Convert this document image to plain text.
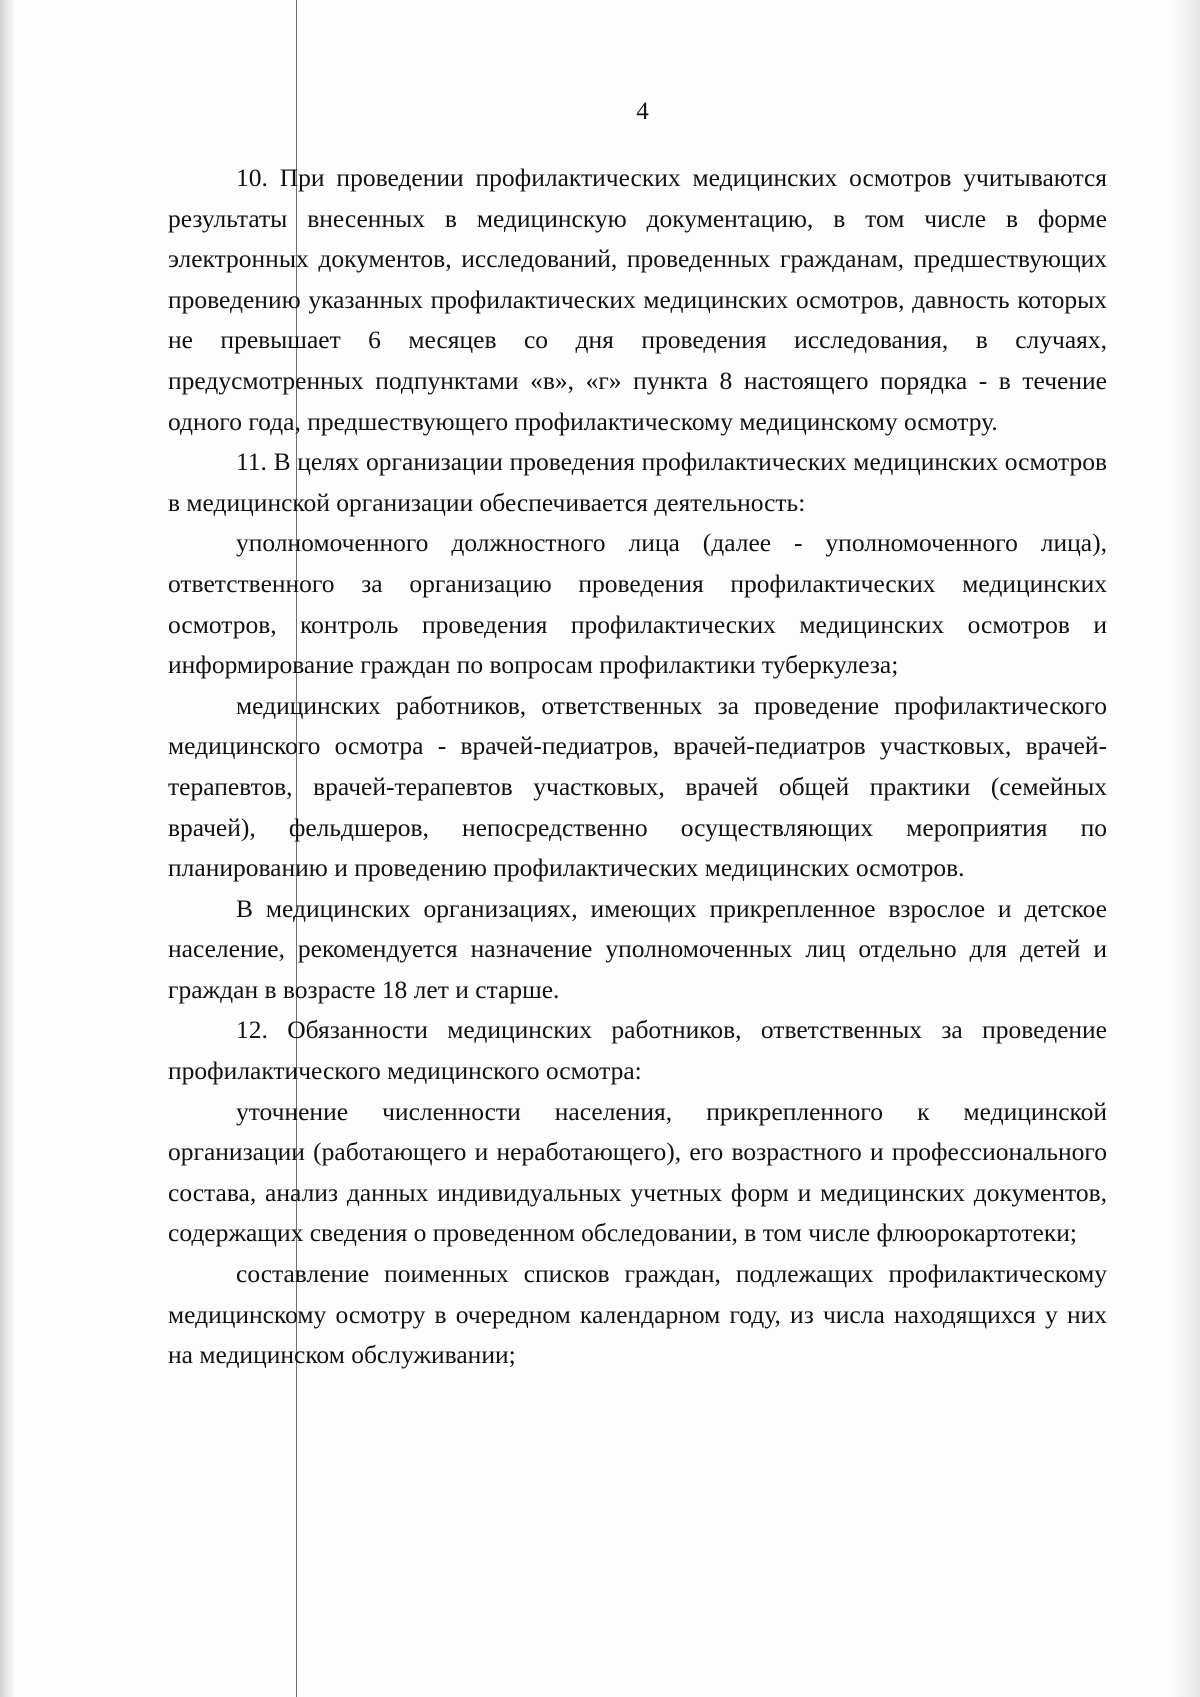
4

10. При проведении профилактических медицинских осмотров учитываются результаты внесенных в медицинскую документацию, в том числе в форме электронных документов, исследований, проведенных гражданам, предшествующих проведению указанных профилактических медицинских осмотров, давность которых не превышает 6 месяцев со дня проведения исследования, в случаях, предусмотренных подпунктами «в», «г» пункта 8 настоящего порядка - в течение одного года, предшествующего профилактическому медицинскому осмотру.

11. В целях организации проведения профилактических медицинских осмотров в медицинской организации обеспечивается деятельность:

уполномоченного должностного лица (далее - уполномоченного лица), ответственного за организацию проведения профилактических медицинских осмотров, контроль проведения профилактических медицинских осмотров и информирование граждан по вопросам профилактики туберкулеза;

медицинских работников, ответственных за проведение профилактического медицинского осмотра - врачей-педиатров, врачей-педиатров участковых, врачей-терапевтов, врачей-терапевтов участковых, врачей общей практики (семейных врачей), фельдшеров, непосредственно осуществляющих мероприятия по планированию и проведению профилактических медицинских осмотров.

В медицинских организациях, имеющих прикрепленное взрослое и детское население, рекомендуется назначение уполномоченных лиц отдельно для детей и граждан в возрасте 18 лет и старше.

12. Обязанности медицинских работников, ответственных за проведение профилактического медицинского осмотра:

уточнение численности населения, прикрепленного к медицинской организации (работающего и неработающего), его возрастного и профессионального состава, анализ данных индивидуальных учетных форм и медицинских документов, содержащих сведения о проведенном обследовании, в том числе флюорокартотеки;

составление поименных списков граждан, подлежащих профилактическому медицинскому осмотру в очередном календарном году, из числа находящихся у них на медицинском обслуживании;
